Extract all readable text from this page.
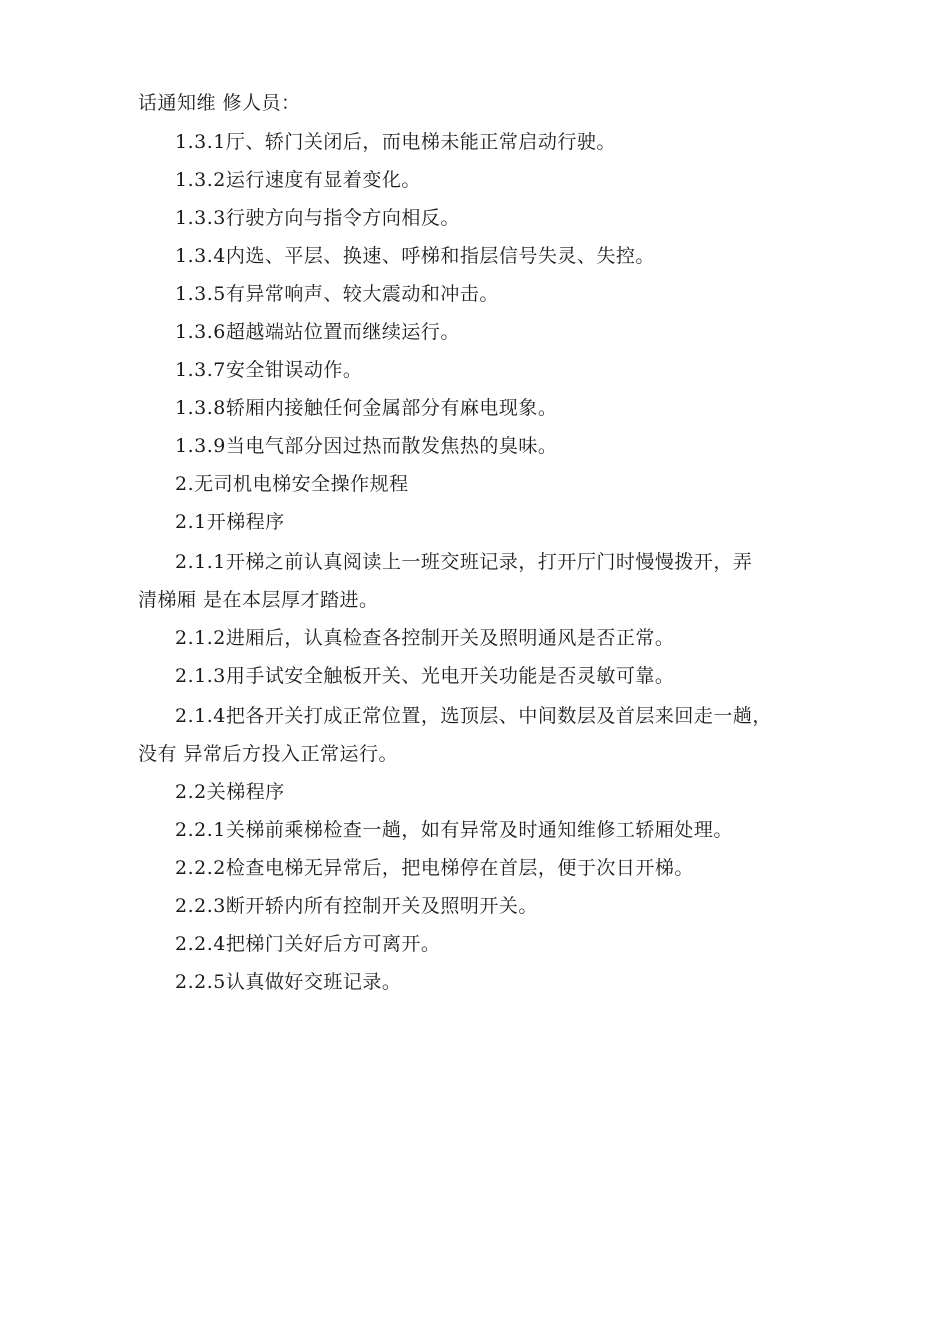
话通知维 修人员：
1.3.1厅、轿门关闭后，而电梯未能正常启动行驶。
1.3.2运行速度有显着变化。
1.3.3行驶方向与指令方向相反。
1.3.4内选、平层、换速、呼梯和指层信号失灵、失控。
1.3.5有异常响声、较大震动和冲击。
1.3.6超越端站位置而继续运行。
1.3.7安全钳误动作。
1.3.8轿厢内接触任何金属部分有麻电现象。
1.3.9当电气部分因过热而散发焦热的臭味。
2.无司机电梯安全操作规程
2.1开梯程序
2.1.1开梯之前认真阅读上一班交班记录，打开厅门时慢慢拨开，弄
清梯厢 是在本层厚才踏进。
2.1.2进厢后，认真检查各控制开关及照明通风是否正常。
2.1.3用手试安全触板开关、光电开关功能是否灵敏可靠。
2.1.4把各开关打成正常位置，选顶层、中间数层及首层来回走一趟，
没有 异常后方投入正常运行。
2.2关梯程序
2.2.1关梯前乘梯检查一趟，如有异常及时通知维修工轿厢处理。
2.2.2检查电梯无异常后，把电梯停在首层，便于次日开梯。
2.2.3断开轿内所有控制开关及照明开关。
2.2.4把梯门关好后方可离开。
2.2.5认真做好交班记录。
